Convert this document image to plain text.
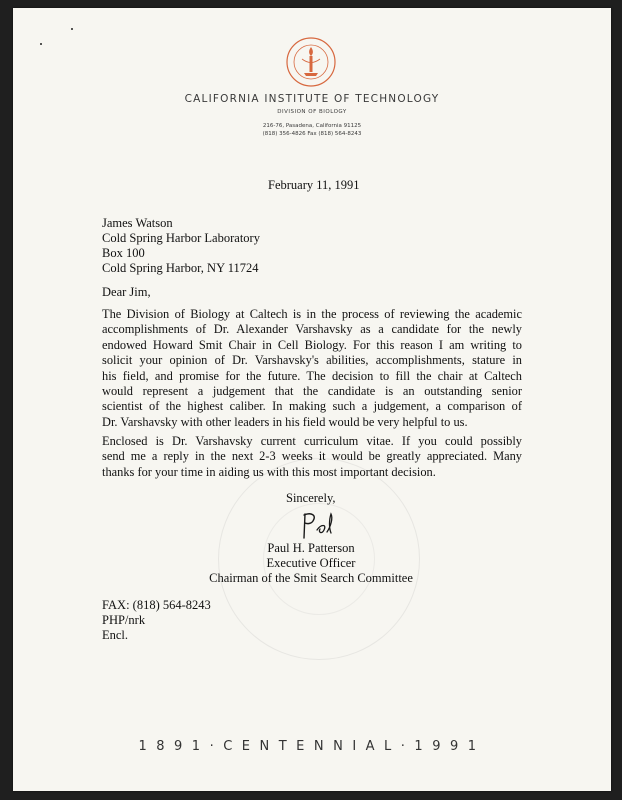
CALIFORNIA INSTITUTE OF TECHNOLOGY
DIVISION OF BIOLOGY
216-76, Pasadena, California 91125
(818) 356-4826 Fax (818) 564-8243
February 11, 1991
James Watson
Cold Spring Harbor Laboratory
Box 100
Cold Spring Harbor, NY 11724
Dear Jim,
The Division of Biology at Caltech is in the process of reviewing the academic
accomplishments of Dr. Alexander Varshavsky as a candidate for the newly
endowed Howard Smit Chair in Cell Biology. For this reason I am writing to
solicit your opinion of Dr. Varshavsky's abilities, accomplishments, stature in
his field, and promise for the future. The decision to fill the chair at Caltech
would represent a judgement that the candidate is an outstanding senior
scientist of the highest caliber. In making such a judgement, a comparison of
Dr. Varshavsky with other leaders in his field would be very helpful to us.
Enclosed is Dr. Varshavsky current curriculum vitae. If you could possibly
send me a reply in the next 2-3 weeks it would be greatly appreciated. Many
thanks for your time in aiding us with this most important decision.
Sincerely,
Paul H. Patterson
Executive Officer
Chairman of the Smit Search Committee
FAX: (818) 564-8243
PHP/nrk
Encl.
1891·CENTENNIAL·1991
